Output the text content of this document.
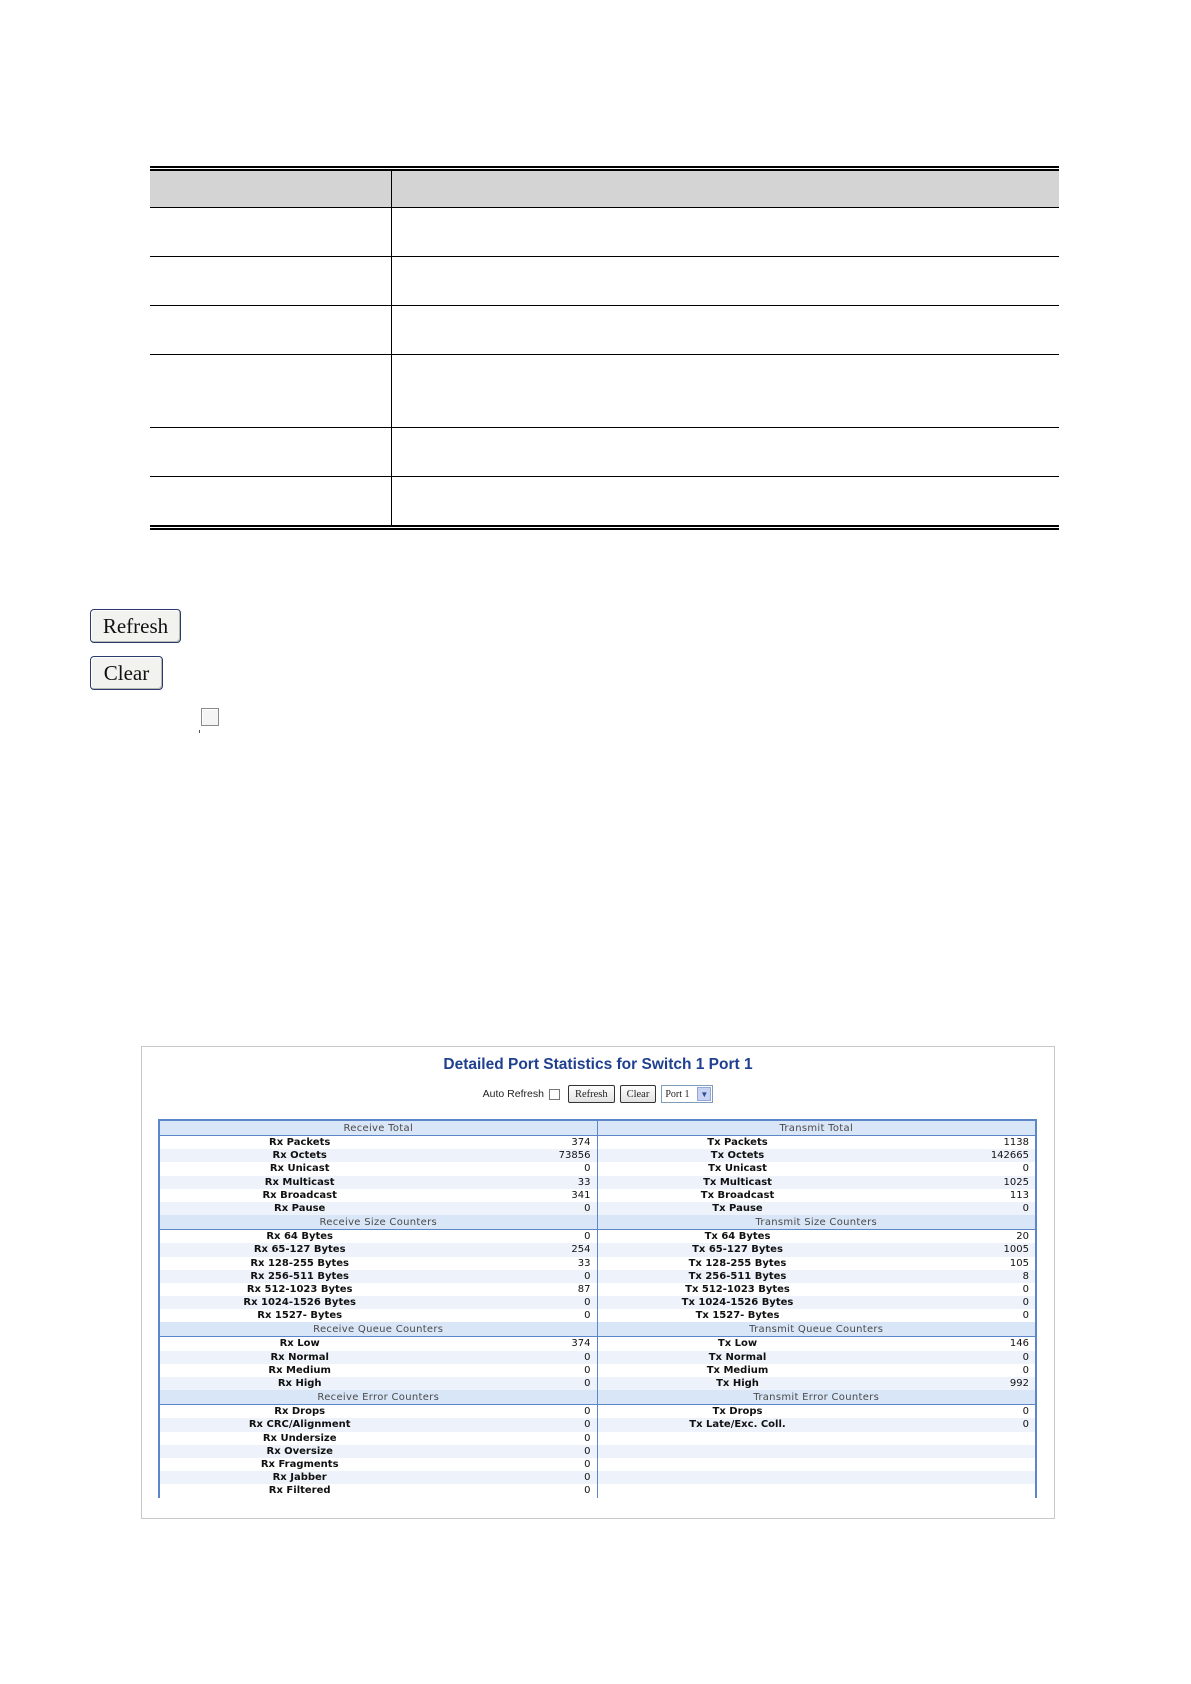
Refresh
Clear
Detailed Port Statistics for Switch 1 Port 1
Auto Refresh	Refresh	Clear	Port 1	▼
Receive Total	Transmit Total
Rx Packets	374	Tx Packets	1138
Rx Octets	73856	Tx Octets	142665
Rx Unicast	0	Tx Unicast	0
Rx Multicast	33	Tx Multicast	1025
Rx Broadcast	341	Tx Broadcast	113
Rx Pause	0	Tx Pause	0
Receive Size Counters	Transmit Size Counters
Rx 64 Bytes	0	Tx 64 Bytes	20
Rx 65-127 Bytes	254	Tx 65-127 Bytes	1005
Rx 128-255 Bytes	33	Tx 128-255 Bytes	105
Rx 256-511 Bytes	0	Tx 256-511 Bytes	8
Rx 512-1023 Bytes	87	Tx 512-1023 Bytes	0
Rx 1024-1526 Bytes	0	Tx 1024-1526 Bytes	0
Rx 1527- Bytes	0	Tx 1527- Bytes	0
Receive Queue Counters	Transmit Queue Counters
Rx Low	374	Tx Low	146
Rx Normal	0	Tx Normal	0
Rx Medium	0	Tx Medium	0
Rx High	0	Tx High	992
Receive Error Counters	Transmit Error Counters
Rx Drops	0	Tx Drops	0
Rx CRC/Alignment	0	Tx Late/Exc. Coll.	0
Rx Undersize	0
Rx Oversize	0
Rx Fragments	0
Rx Jabber	0
Rx Filtered	0
